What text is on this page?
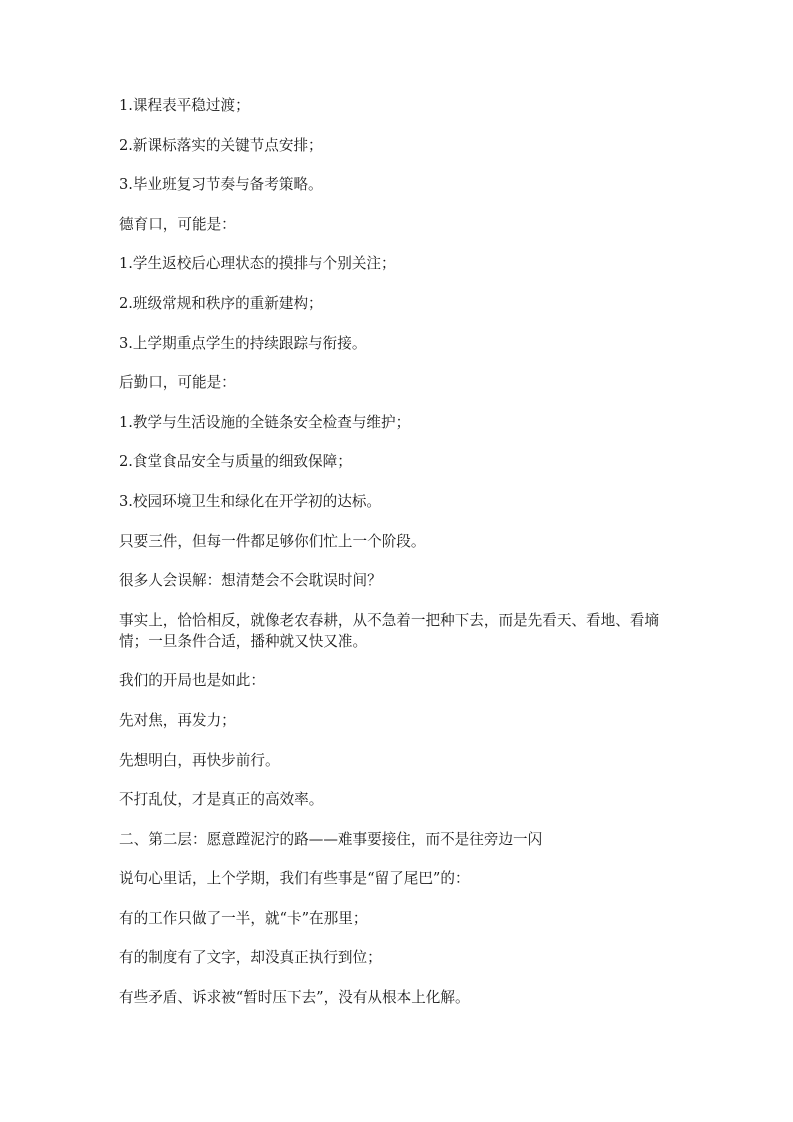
1.课程表平稳过渡；

2.新课标落实的关键节点安排；

3.毕业班复习节奏与备考策略。

德育口，可能是：

1.学生返校后心理状态的摸排与个别关注；

2.班级常规和秩序的重新建构；

3.上学期重点学生的持续跟踪与衔接。

后勤口，可能是：

1.教学与生活设施的全链条安全检查与维护；

2.食堂食品安全与质量的细致保障；

3.校园环境卫生和绿化在开学初的达标。

只要三件，但每一件都足够你们忙上一个阶段。

很多人会误解：想清楚会不会耽误时间？

事实上，恰恰相反，就像老农春耕，从不急着一把种下去，而是先看天、看地、看墒情；一旦条件合适，播种就又快又准。

我们的开局也是如此：

先对焦，再发力；

先想明白，再快步前行。

不打乱仗，才是真正的高效率。

二、第二层：愿意蹚泥泞的路——难事要接住，而不是往旁边一闪

说句心里话，上个学期，我们有些事是“留了尾巴”的：

有的工作只做了一半，就“卡”在那里；

有的制度有了文字，却没真正执行到位；

有些矛盾、诉求被“暂时压下去”，没有从根本上化解。
